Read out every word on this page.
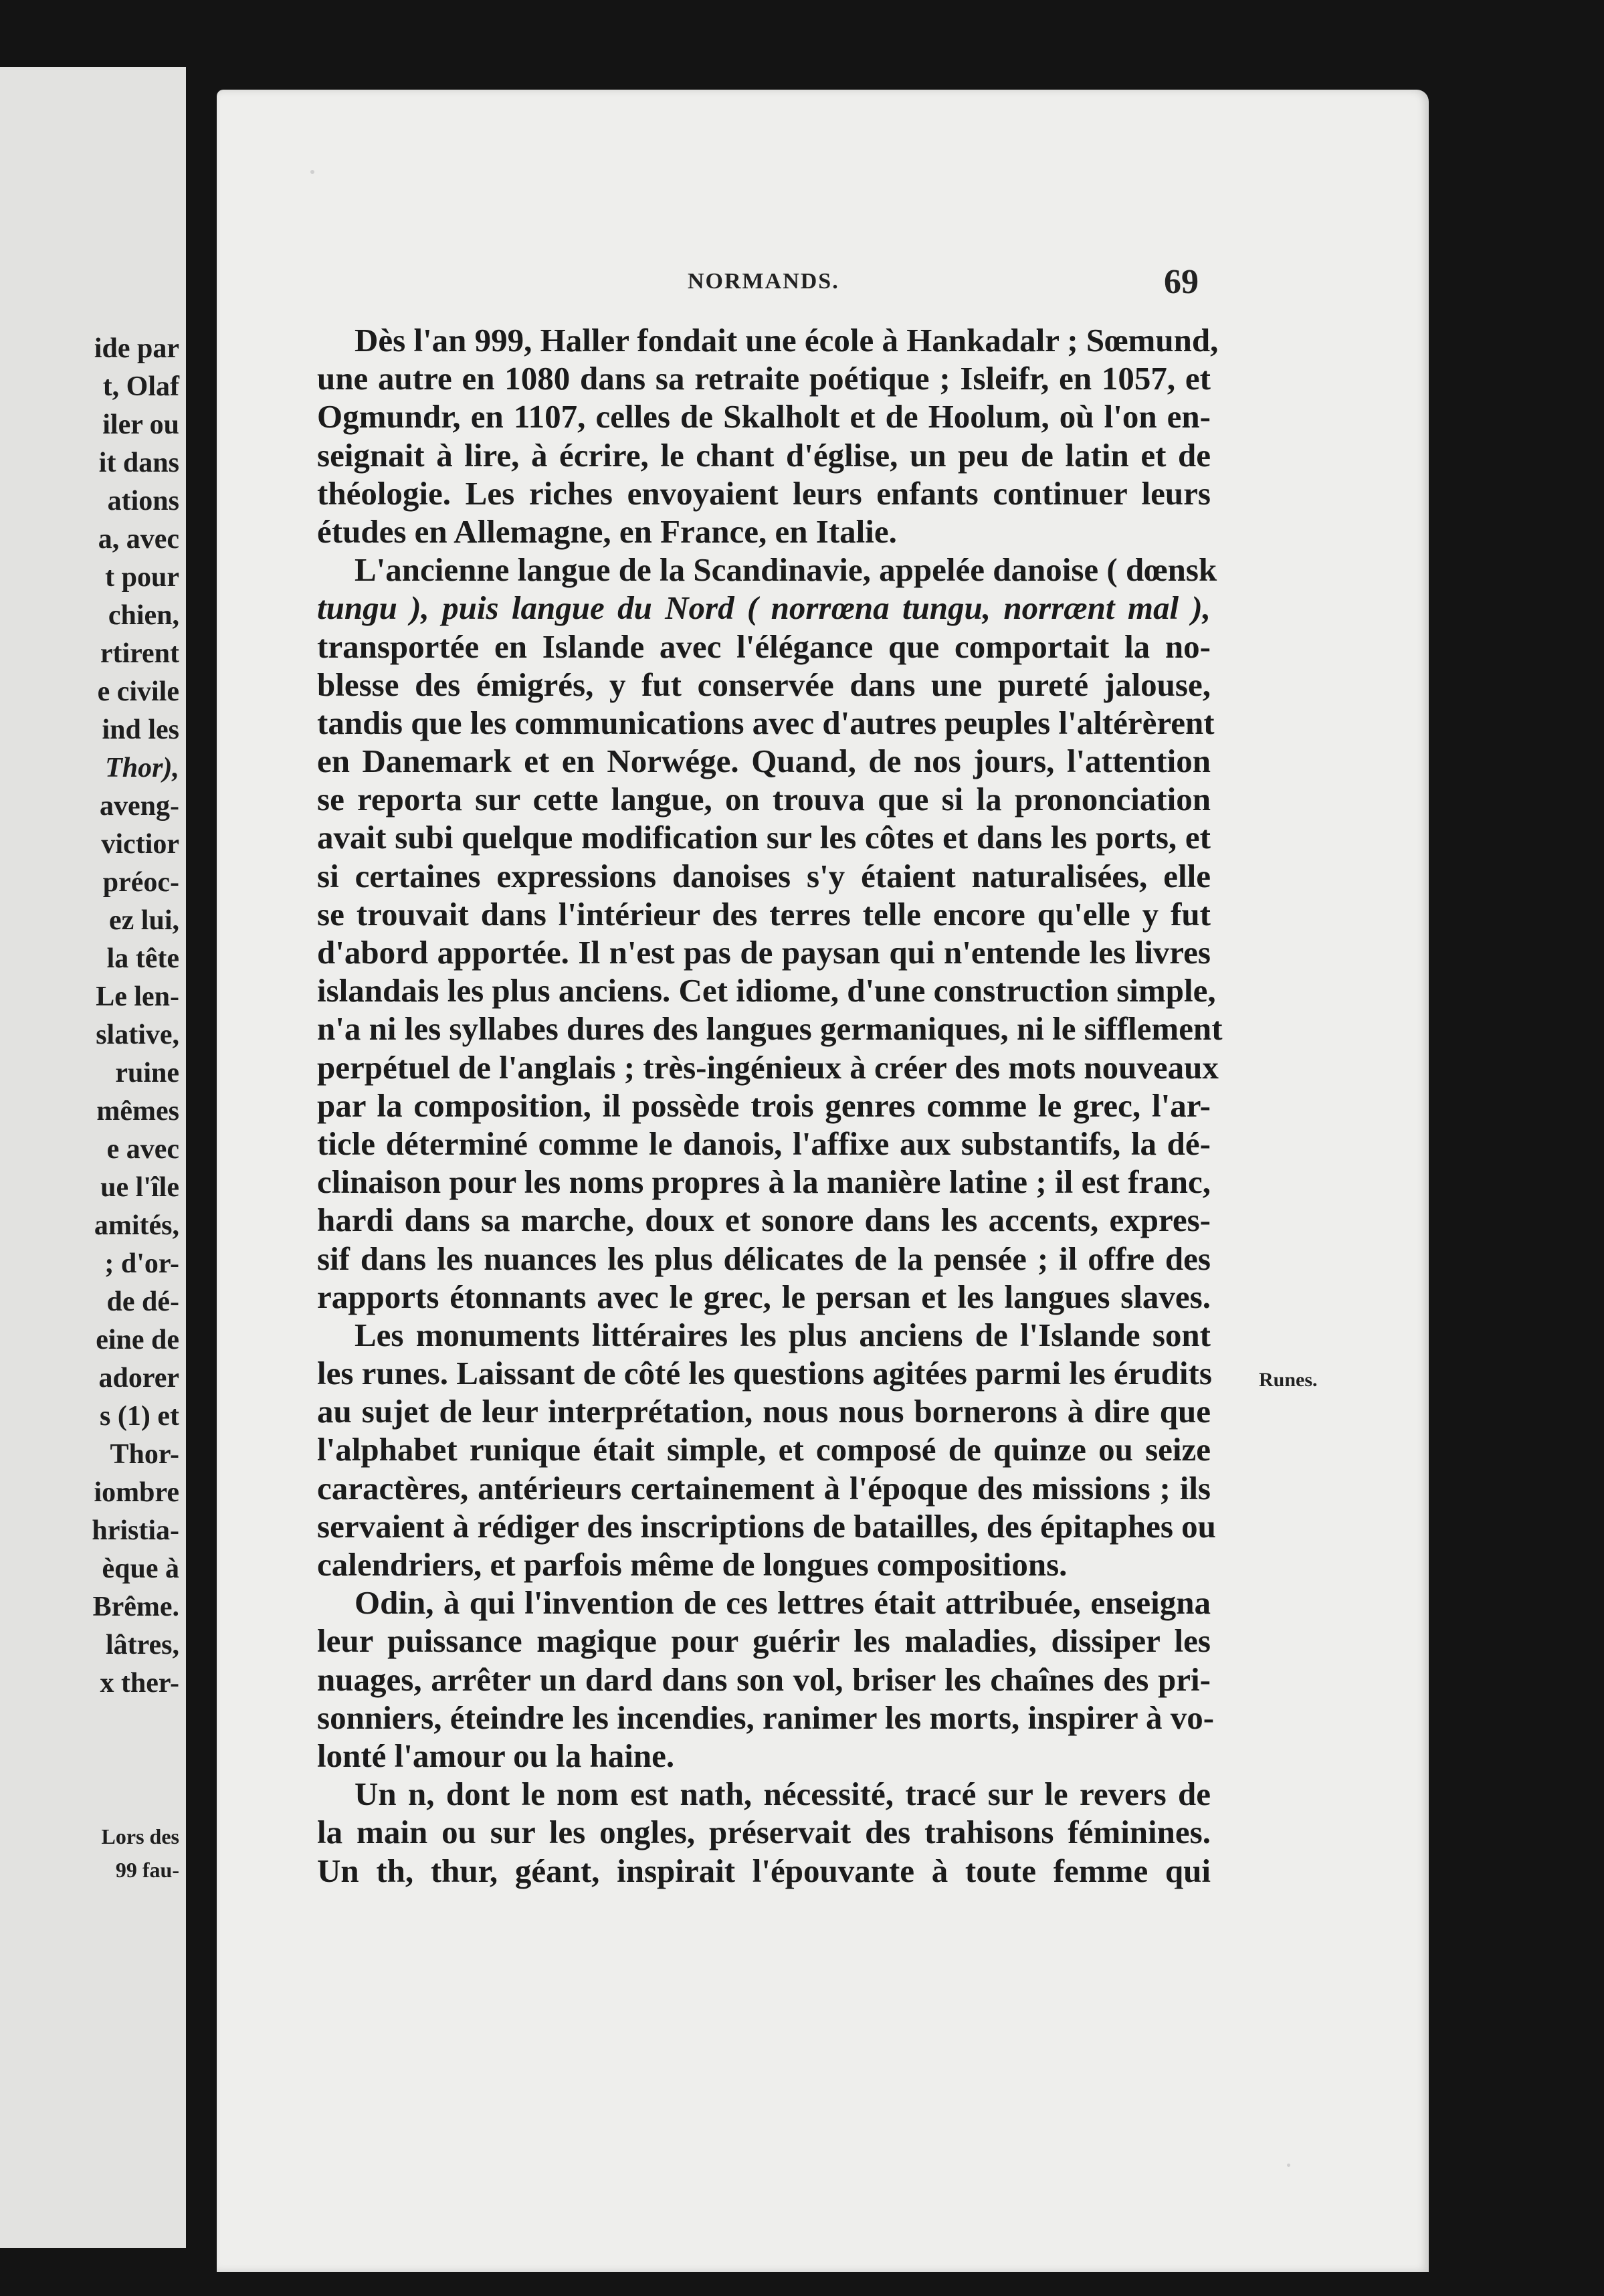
ide par
t, Olaf
iler ou
it dans
ations
a, avec
t pour
chien,
rtirent
e civile
ind les
Thor),
aveng-
victior
préoc-
ez lui,
la tête
Le len-
slative,
ruine
mêmes
e avec
ue l'île
amités,
; d'or-
de dé-
eine de
adorer
s (1) et
Thor-
iombre
hristia-
èque à
Brême.
lâtres,
x ther-
Lors des
99 fau-
NORMANDS.	69
Dès l'an 999, Haller fondait une école à Hankadalr ; Sœmund,
une autre en 1080 dans sa retraite poétique ; Isleifr, en 1057, et
Ogmundr, en 1107, celles de Skalholt et de Hoolum, où l'on en-
seignait à lire, à écrire, le chant d'église, un peu de latin et de
théologie. Les riches envoyaient leurs enfants continuer leurs
études en Allemagne, en France, en Italie.
L'ancienne langue de la Scandinavie, appelée danoise ( dœnsk
tungu ), puis langue du Nord ( norrœna tungu, norrænt mal ),
transportée en Islande avec l'élégance que comportait la no-
blesse des émigrés, y fut conservée dans une pureté jalouse,
tandis que les communications avec d'autres peuples l'altérèrent
en Danemark et en Norwége. Quand, de nos jours, l'attention
se reporta sur cette langue, on trouva que si la prononciation
avait subi quelque modification sur les côtes et dans les ports, et
si certaines expressions danoises s'y étaient naturalisées, elle
se trouvait dans l'intérieur des terres telle encore qu'elle y fut
d'abord apportée. Il n'est pas de paysan qui n'entende les livres
islandais les plus anciens. Cet idiome, d'une construction simple,
n'a ni les syllabes dures des langues germaniques, ni le sifflement
perpétuel de l'anglais ; très-ingénieux à créer des mots nouveaux
par la composition, il possède trois genres comme le grec, l'ar-
ticle déterminé comme le danois, l'affixe aux substantifs, la dé-
clinaison pour les noms propres à la manière latine ; il est franc,
hardi dans sa marche, doux et sonore dans les accents, expres-
sif dans les nuances les plus délicates de la pensée ; il offre des
rapports étonnants avec le grec, le persan et les langues slaves.
Les monuments littéraires les plus anciens de l'Islande sont
les runes. Laissant de côté les questions agitées parmi les érudits
au sujet de leur interprétation, nous nous bornerons à dire que
l'alphabet runique était simple, et composé de quinze ou seize
caractères, antérieurs certainement à l'époque des missions ; ils
servaient à rédiger des inscriptions de batailles, des épitaphes ou
calendriers, et parfois même de longues compositions.
Odin, à qui l'invention de ces lettres était attribuée, enseigna
leur puissance magique pour guérir les maladies, dissiper les
nuages, arrêter un dard dans son vol, briser les chaînes des pri-
sonniers, éteindre les incendies, ranimer les morts, inspirer à vo-
lonté l'amour ou la haine.
Un n, dont le nom est nath, nécessité, tracé sur le revers de
la main ou sur les ongles, préservait des trahisons féminines.
Un th, thur, géant, inspirait l'épouvante à toute femme qui
Runes.
